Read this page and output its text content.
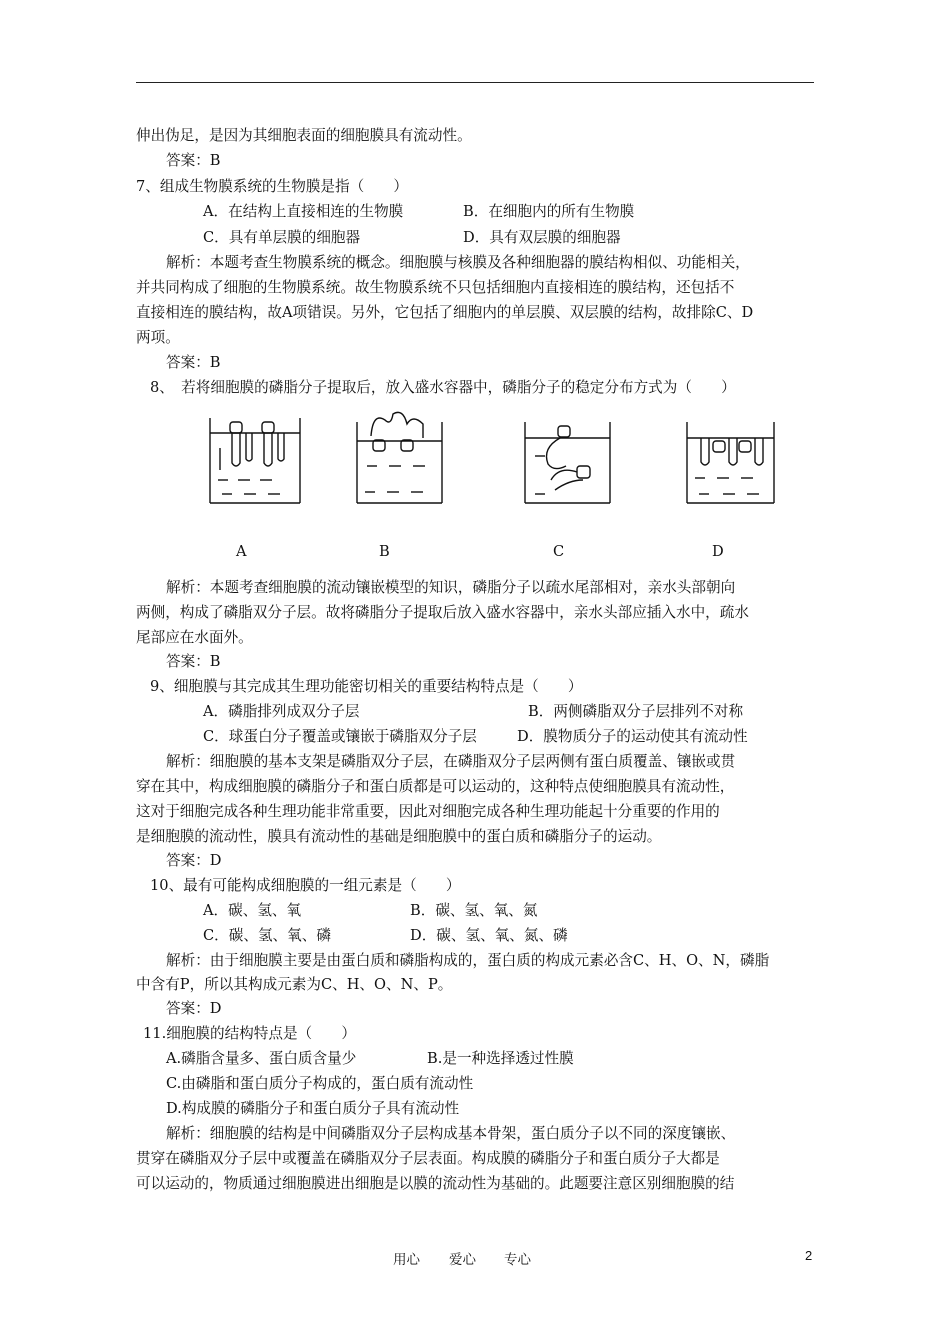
伸出伪足，是因为其细胞表面的细胞膜具有流动性。
答案：B
7、组成生物膜系统的生物膜是指（　　）
A．在结构上直接相连的生物膜	B．在细胞内的所有生物膜
C．具有单层膜的细胞器	D．具有双层膜的细胞器
解析：本题考查生物膜系统的概念。细胞膜与核膜及各种细胞器的膜结构相似、功能相关，
并共同构成了细胞的生物膜系统。故生物膜系统不只包括细胞内直接相连的膜结构，还包括不
直接相连的膜结构，故A项错误。另外，它包括了细胞内的单层膜、双层膜的结构，故排除C、D
两项。
答案：B
8、　若将细胞膜的磷脂分子提取后，放入盛水容器中，磷脂分子的稳定分布方式为（　　）
A	B	C	D
解析：本题考查细胞膜的流动镶嵌模型的知识，磷脂分子以疏水尾部相对，亲水头部朝向
两侧，构成了磷脂双分子层。故将磷脂分子提取后放入盛水容器中，亲水头部应插入水中，疏水
尾部应在水面外。
答案：B
9、细胞膜与其完成其生理功能密切相关的重要结构特点是（　　）
A．磷脂排列成双分子层	B．两侧磷脂双分子层排列不对称
C．球蛋白分子覆盖或镶嵌于磷脂双分子层	D．膜物质分子的运动使其有流动性
解析：细胞膜的基本支架是磷脂双分子层，在磷脂双分子层两侧有蛋白质覆盖、镶嵌或贯
穿在其中，构成细胞膜的磷脂分子和蛋白质都是可以运动的，这种特点使细胞膜具有流动性，
这对于细胞完成各种生理功能非常重要，因此对细胞完成各种生理功能起十分重要的作用的
是细胞膜的流动性，膜具有流动性的基础是细胞膜中的蛋白质和磷脂分子的运动。
答案：D
10、最有可能构成细胞膜的一组元素是（　　）
A．碳、氢、氧	B．碳、氢、氧、氮
C．碳、氢、氧、磷	D．碳、氢、氧、氮、磷
解析：由于细胞膜主要是由蛋白质和磷脂构成的，蛋白质的构成元素必含C、H、O、N，磷脂
中含有P，所以其构成元素为C、H、O、N、P。
答案：D
11.细胞膜的结构特点是（　　）
A.磷脂含量多、蛋白质含量少	B.是一种选择透过性膜
C.由磷脂和蛋白质分子构成的，蛋白质有流动性
D.构成膜的磷脂分子和蛋白质分子具有流动性
解析：细胞膜的结构是中间磷脂双分子层构成基本骨架，蛋白质分子以不同的深度镶嵌、
贯穿在磷脂双分子层中或覆盖在磷脂双分子层表面。构成膜的磷脂分子和蛋白质分子大都是
可以运动的，物质通过细胞膜进出细胞是以膜的流动性为基础的。此题要注意区别细胞膜的结
用心 爱心 专心	2
